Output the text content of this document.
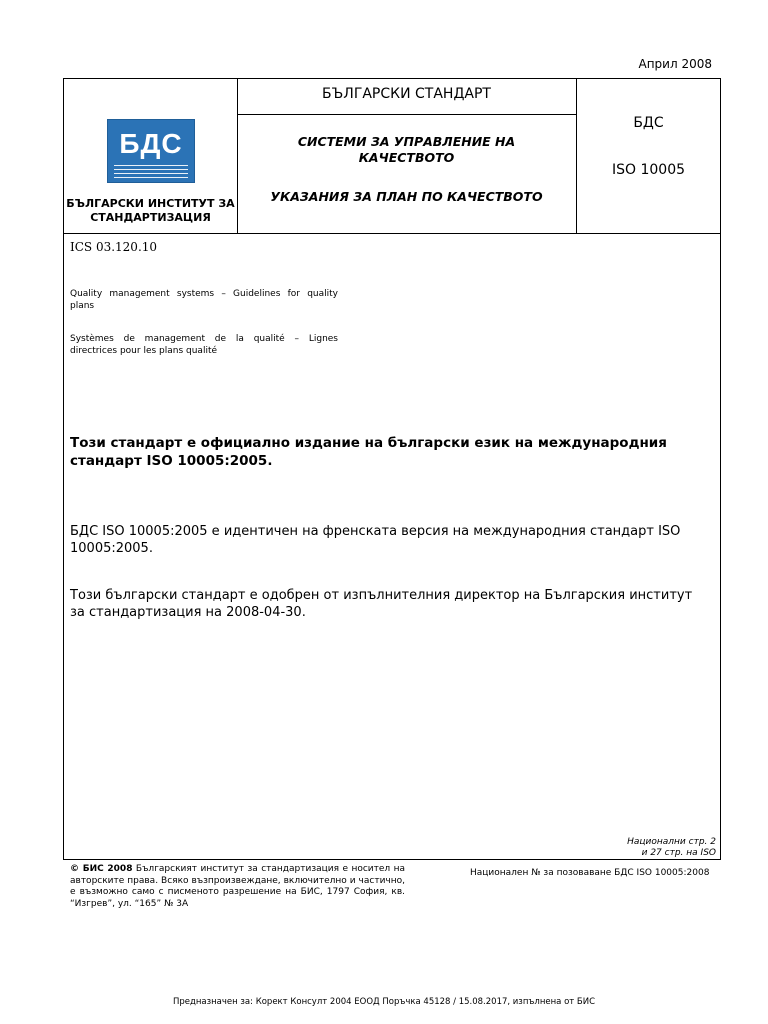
Април 2008
БДС
БЪЛГАРСКИ ИНСТИТУТ ЗА СТАНДАРТИЗАЦИЯ
БЪЛГАРСКИ СТАНДАРТ
СИСТЕМИ ЗА УПРАВЛЕНИЕ НА
КАЧЕСТВОТО
УКАЗАНИЯ ЗА ПЛАН ПО КАЧЕСТВОТО
БДС
ISO 10005
ICS 03.120.10
Quality management systems – Guidelines for quality plans
Systèmes de management de la qualité – Lignes directrices pour les plans qualité
Този стандарт е официално издание на български език на международния стандарт ISO 10005:2005.
БДС ISO 10005:2005 е идентичен на френската версия на международния стандарт ISO 10005:2005.
Този български стандарт е одобрен от изпълнителния директор на Българския институт за стандартизация на 2008-04-30.
Национални стр. 2
и 27 стр. на ISO
© БИС 2008 Българският институт за стандартизация е носител на авторските права. Всяко възпроизвеждане, включително и частично, е възможно само с писменото разрешение на БИС, 1797 София, кв. “Изгрев”, ул. “165” № 3А
Национален № за позоваване БДС ISO 10005:2008
Предназначен за: Корект Консулт 2004 ЕООД Поръчка 45128 / 15.08.2017, изпълнена от БИС
